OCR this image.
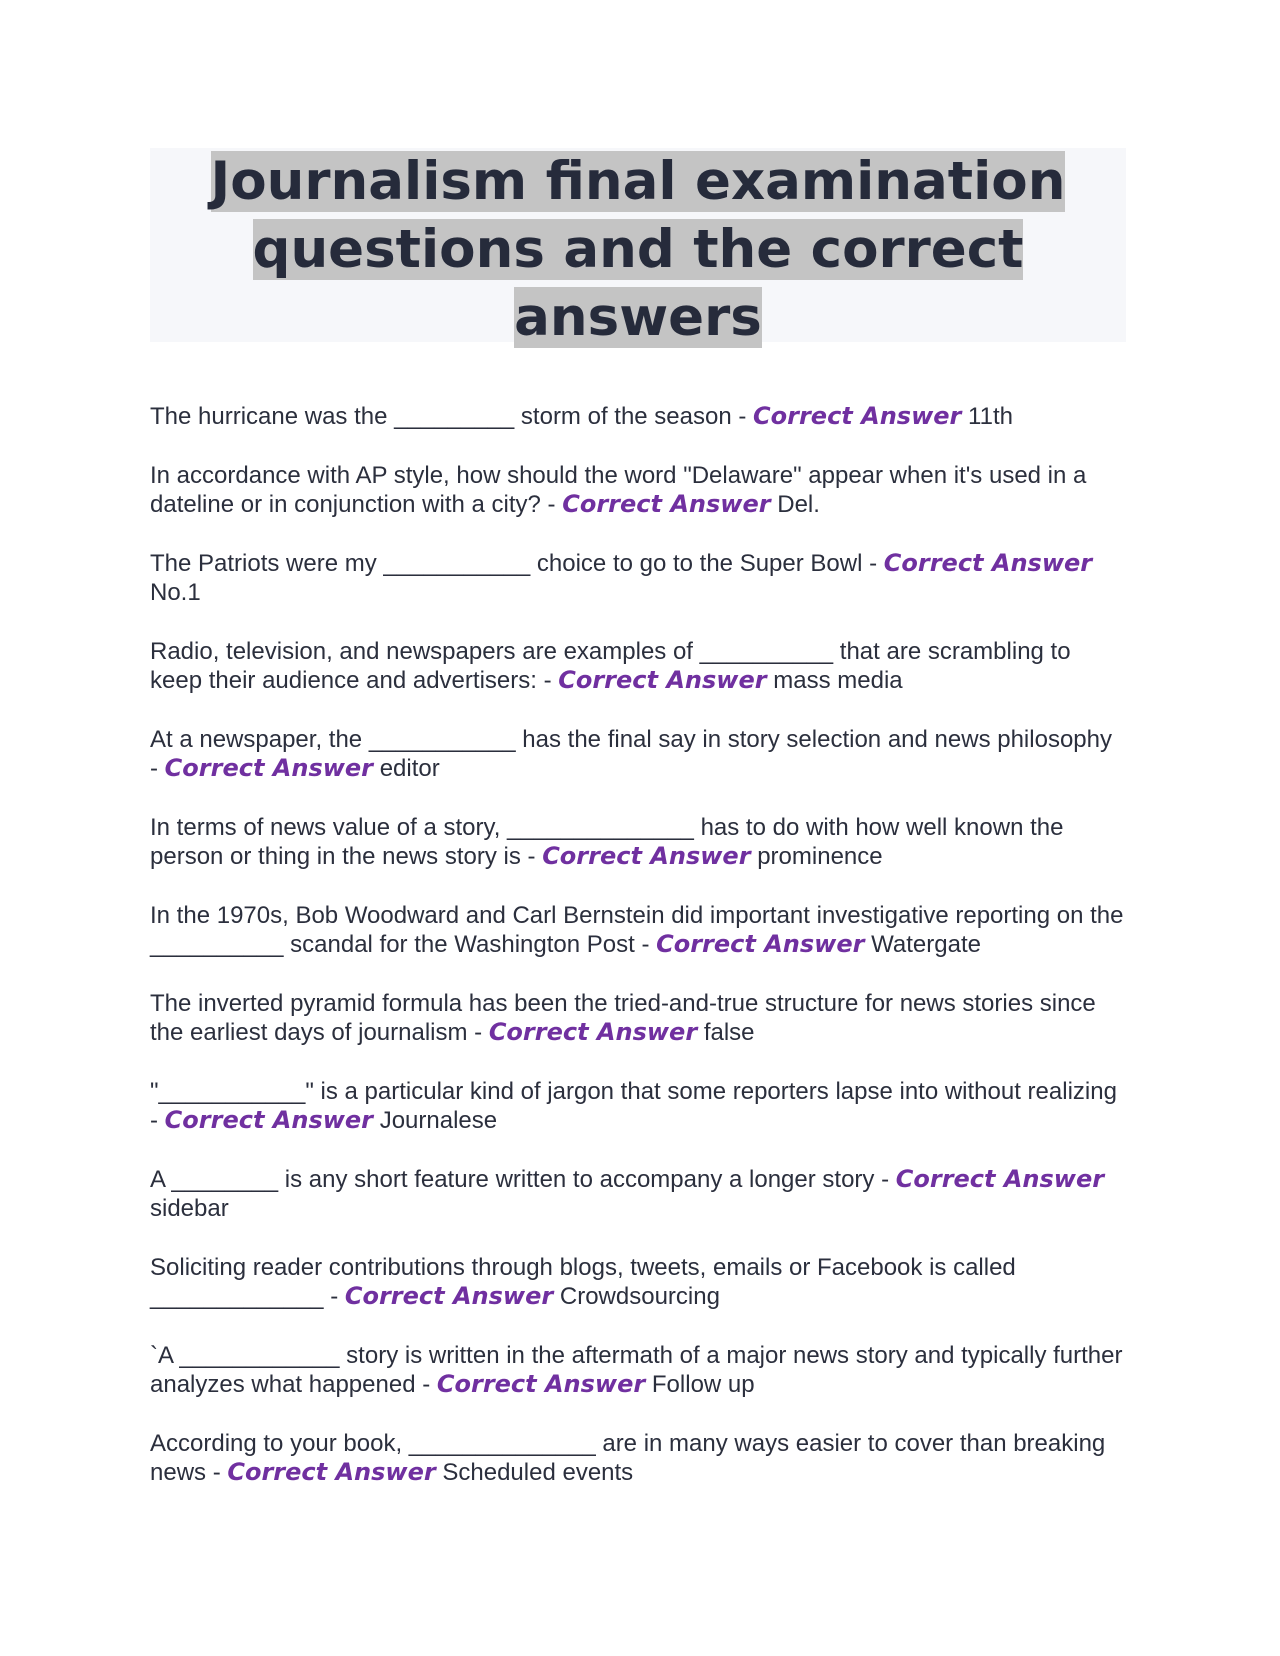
Journalism final examination
questions and the correct
answers

The hurricane was the _________ storm of the season - Correct Answer 11th

In accordance with AP style, how should the word "Delaware" appear when it's used in a dateline or in conjunction with a city? - Correct Answer Del.

The Patriots were my ___________ choice to go to the Super Bowl - Correct Answer No.1

Radio, television, and newspapers are examples of __________ that are scrambling to keep their audience and advertisers: - Correct Answer mass media

At a newspaper, the ___________ has the final say in story selection and news philosophy - Correct Answer editor

In terms of news value of a story, ______________ has to do with how well known the person or thing in the news story is - Correct Answer prominence

In the 1970s, Bob Woodward and Carl Bernstein did important investigative reporting on the __________ scandal for the Washington Post - Correct Answer Watergate

The inverted pyramid formula has been the tried-and-true structure for news stories since the earliest days of journalism - Correct Answer false

"___________" is a particular kind of jargon that some reporters lapse into without realizing - Correct Answer Journalese

A ________ is any short feature written to accompany a longer story - Correct Answer sidebar

Soliciting reader contributions through blogs, tweets, emails or Facebook is called _____________ - Correct Answer Crowdsourcing

`A ____________ story is written in the aftermath of a major news story and typically further analyzes what happened - Correct Answer Follow up

According to your book, ______________ are in many ways easier to cover than breaking news - Correct Answer Scheduled events
